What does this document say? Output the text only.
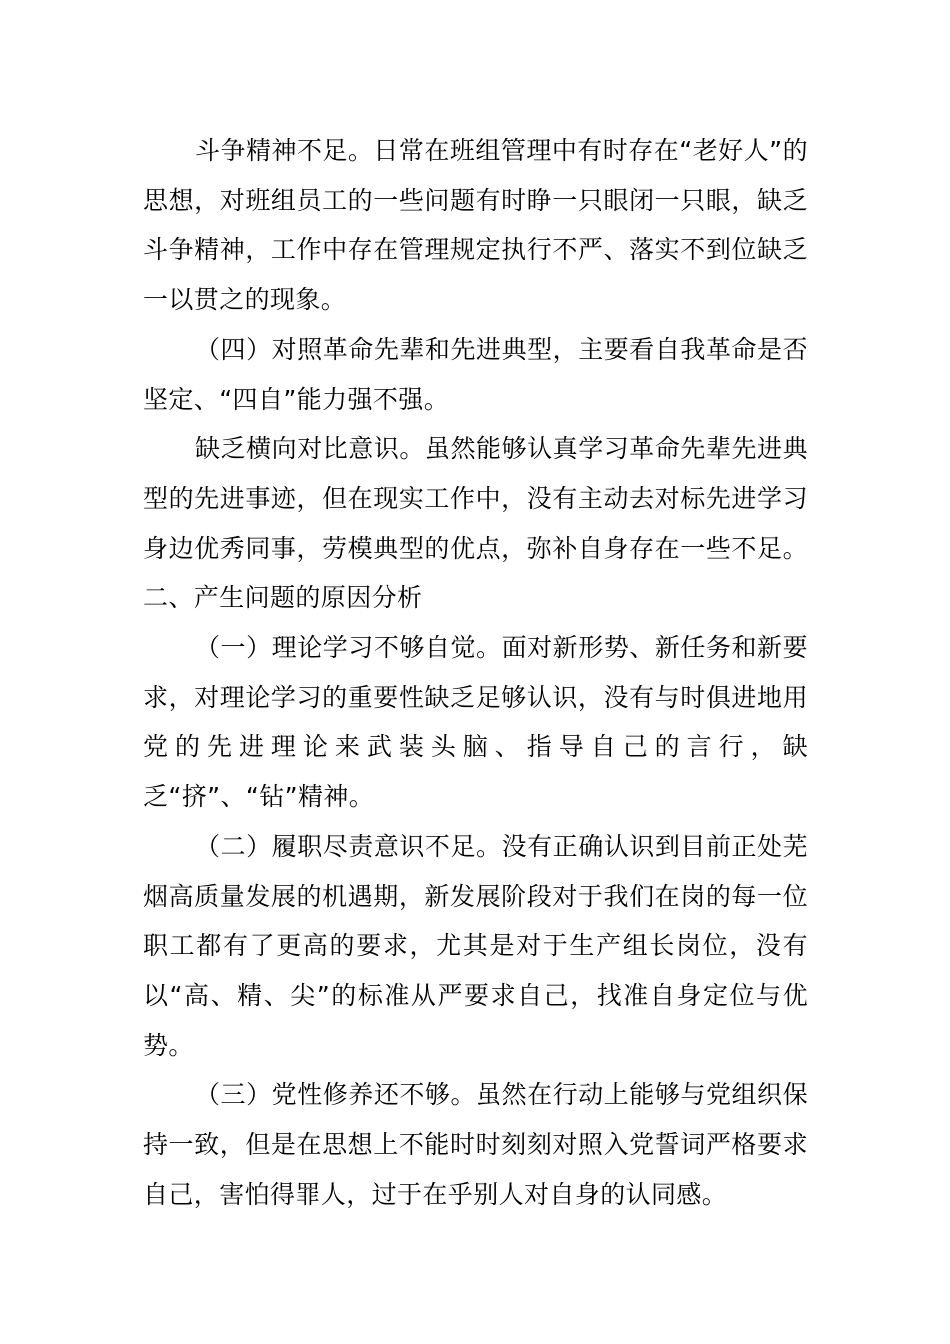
斗争精神不足。日常在班组管理中有时存在“老好人”的思想，对班组员工的一些问题有时睁一只眼闭一只眼，缺乏斗争精神，工作中存在管理规定执行不严、落实不到位缺乏一以贯之的现象。

（四）对照革命先辈和先进典型，主要看自我革命是否坚定、“四自”能力强不强。

缺乏横向对比意识。虽然能够认真学习革命先辈先进典型的先进事迹，但在现实工作中，没有主动去对标先进学习身边优秀同事，劳模典型的优点，弥补自身存在一些不足。二、产生问题的原因分析

（一）理论学习不够自觉。面对新形势、新任务和新要求，对理论学习的重要性缺乏足够认识，没有与时俱进地用党的先进理论来武装头脑、指导自己的言行，缺乏“挤”、“钻”精神。

（二）履职尽责意识不足。没有正确认识到目前正处芜烟高质量发展的机遇期，新发展阶段对于我们在岗的每一位职工都有了更高的要求，尤其是对于生产组长岗位，没有以“高、精、尖”的标准从严要求自己，找准自身定位与优势。

（三）党性修养还不够。虽然在行动上能够与党组织保持一致，但是在思想上不能时时刻刻对照入党誓词严格要求自己，害怕得罪人，过于在乎别人对自身的认同感。
